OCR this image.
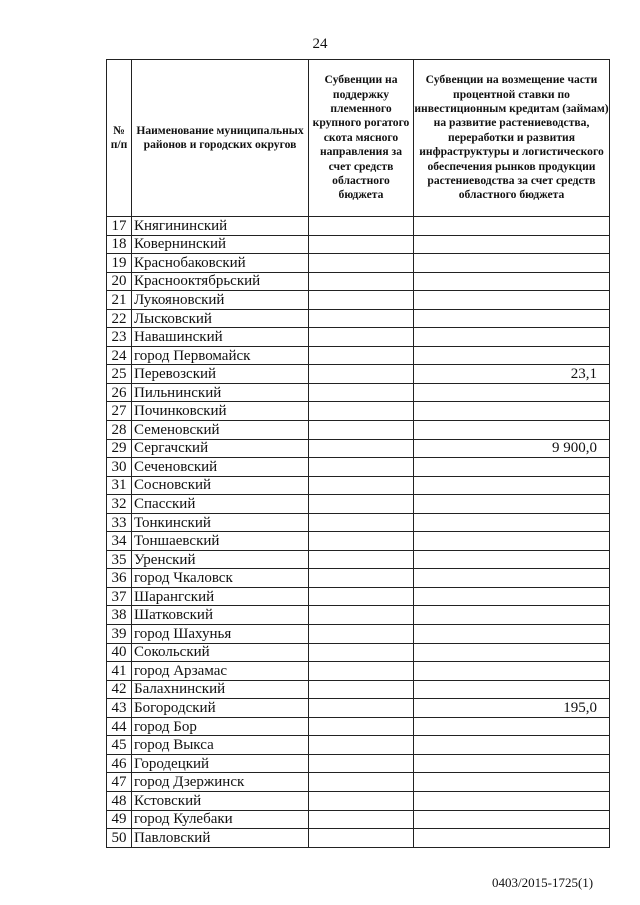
24
№ п/п	Наименование муниципальных районов и городских округов	Субвенции на поддержку племенного крупного рогатого скота мясного направления за счет средств областного бюджета	Субвенции на возмещение части процентной ставки по инвестиционным кредитам (займам) на развитие растениеводства, переработки и развития инфраструктуры и логистического обеспечения рынков продукции растениеводства за счет средств областного бюджета
17	Княгининский		
18	Ковернинский		
19	Краснобаковский		
20	Краснооктябрьский		
21	Лукояновский		
22	Лысковский		
23	Навашинский		
24	город Первомайск		
25	Перевозский		23,1
26	Пильнинский		
27	Починковский		
28	Семеновский		
29	Сергачский		9 900,0
30	Сеченовский		
31	Сосновский		
32	Спасский		
33	Тонкинский		
34	Тоншаевский		
35	Уренский		
36	город Чкаловск		
37	Шарангский		
38	Шатковский		
39	город Шахунья		
40	Сокольский		
41	город Арзамас		
42	Балахнинский		
43	Богородский		195,0
44	город Бор		
45	город Выкса		
46	Городецкий		
47	город Дзержинск		
48	Кстовский		
49	город Кулебаки		
50	Павловский		
0403/2015-1725(1)
